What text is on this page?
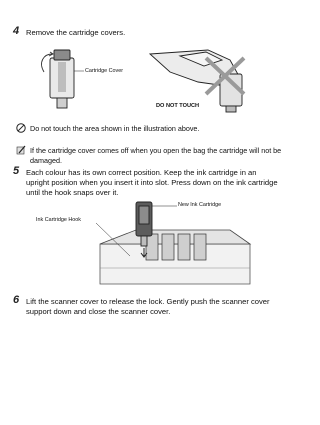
4 Remove the cartridge covers.
Cartridge Cover
DO NOT TOUCH
Do not touch the area shown in the illustration above.
If the cartridge cover comes off when you open the bag the cartridge will not be damaged.
5 Each colour has its own correct position. Keep the ink cartridge in an upright position when you insert it into slot. Press down on the ink cartridge until the hook snaps over it.
New Ink Cartridge
Ink Cartridge Hook
6 Lift the scanner cover to release the lock. Gently push the scanner cover support down and close the scanner cover.
